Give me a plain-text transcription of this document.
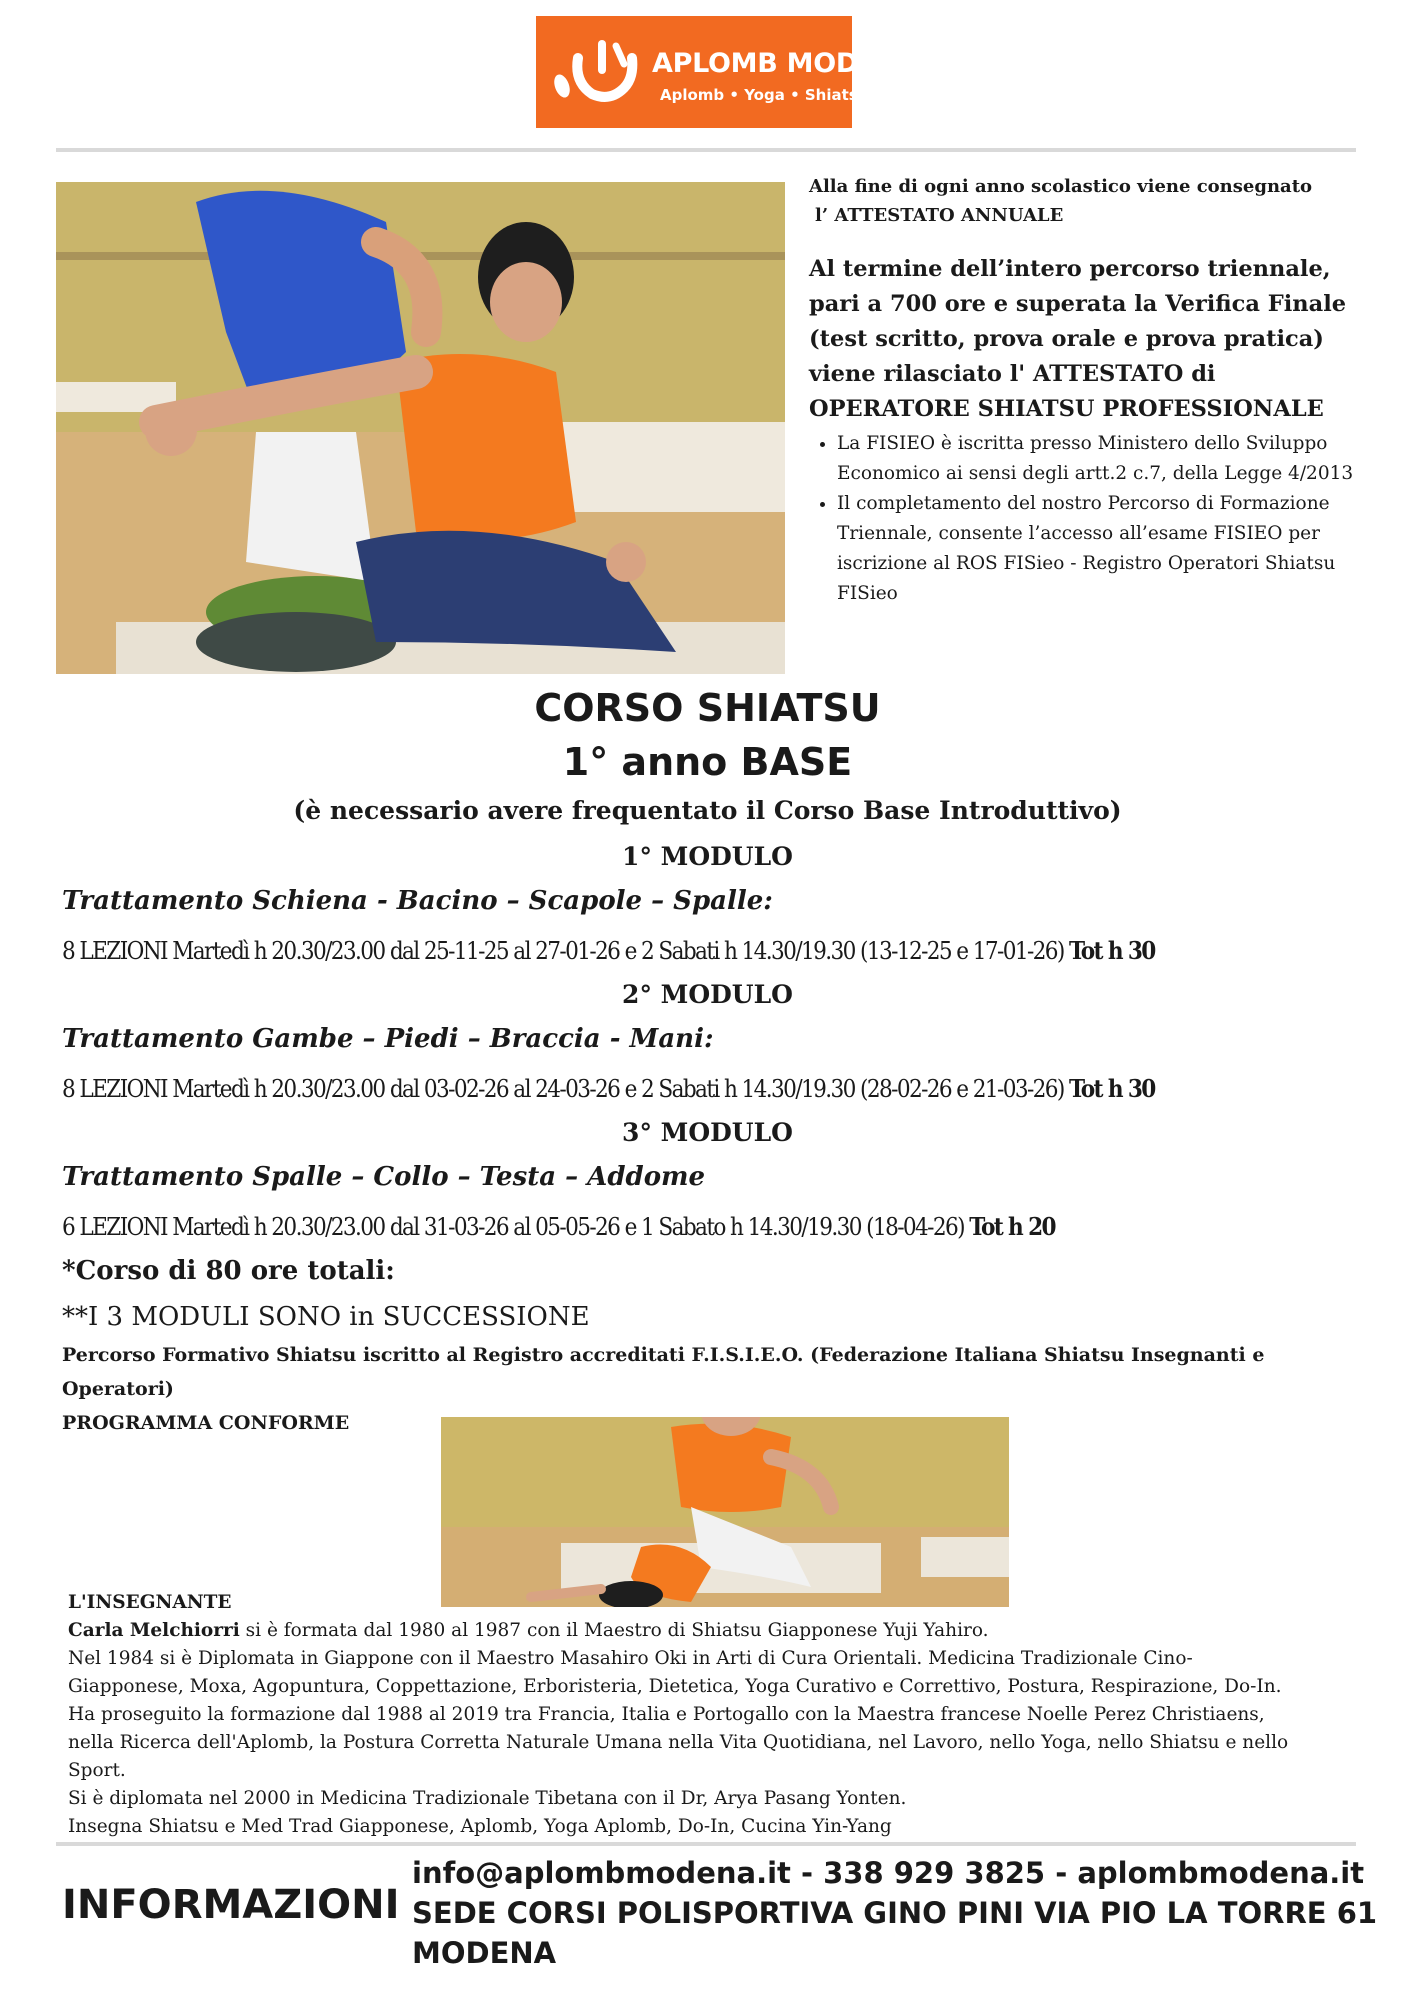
APLOMB MODENA
Aplomb • Yoga • Shiatsu
Alla fine di ogni anno scolastico viene consegnato
l’ ATTESTATO ANNUALE
Al termine dell’intero percorso triennale,
pari a 700 ore e superata la Verifica Finale
(test scritto, prova orale e prova pratica)
viene rilasciato l' ATTESTATO di
OPERATORE SHIATSU PROFESSIONALE
• La FISIEO è iscritta presso Ministero dello Sviluppo Economico ai sensi degli artt.2 c.7, della Legge 4/2013
• Il completamento del nostro Percorso di Formazione Triennale, consente l’accesso all’esame FISIEO per iscrizione al ROS FISieo - Registro Operatori Shiatsu FISieo
CORSO SHIATSU
1° anno BASE
(è necessario avere frequentato il Corso Base Introduttivo)
1° MODULO
Trattamento Schiena - Bacino – Scapole – Spalle:
8 LEZIONI Martedì h 20.30/23.00 dal 25-11-25 al 27-01-26 e 2 Sabati h 14.30/19.30 (13-12-25 e 17-01-26) Tot h 30
2° MODULO
Trattamento Gambe – Piedi – Braccia - Mani:
8 LEZIONI Martedì h 20.30/23.00 dal 03-02-26 al 24-03-26 e 2 Sabati h 14.30/19.30 (28-02-26 e 21-03-26) Tot h 30
3° MODULO
Trattamento Spalle – Collo – Testa – Addome
6 LEZIONI Martedì h 20.30/23.00 dal 31-03-26 al 05-05-26 e 1 Sabato h 14.30/19.30 (18-04-26) Tot h 20
*Corso di 80 ore totali:
**I 3 MODULI SONO in SUCCESSIONE
Percorso Formativo Shiatsu iscritto al Registro accreditati F.I.S.I.E.O. (Federazione Italiana Shiatsu Insegnanti e
Operatori)
PROGRAMMA CONFORME
L'INSEGNANTE
Carla Melchiorri si è formata dal 1980 al 1987 con il Maestro di Shiatsu Giapponese Yuji Yahiro.
Nel 1984 si è Diplomata in Giappone con il Maestro Masahiro Oki in Arti di Cura Orientali. Medicina Tradizionale Cino-
Giapponese, Moxa, Agopuntura, Coppettazione, Erboristeria, Dietetica, Yoga Curativo e Correttivo, Postura, Respirazione, Do-In.
Ha proseguito la formazione dal 1988 al 2019 tra Francia, Italia e Portogallo con la Maestra francese Noelle Perez Christiaens,
nella Ricerca dell'Aplomb, la Postura Corretta Naturale Umana nella Vita Quotidiana, nel Lavoro, nello Yoga, nello Shiatsu e nello
Sport.
Si è diplomata nel 2000 in Medicina Tradizionale Tibetana con il Dr, Arya Pasang Yonten.
Insegna Shiatsu e Med Trad Giapponese, Aplomb, Yoga Aplomb, Do-In, Cucina Yin-Yang
INFORMAZIONI
info@aplombmodena.it - 338 929 3825 - aplombmodena.it
SEDE CORSI POLISPORTIVA GINO PINI VIA PIO LA TORRE 61
MODENA
